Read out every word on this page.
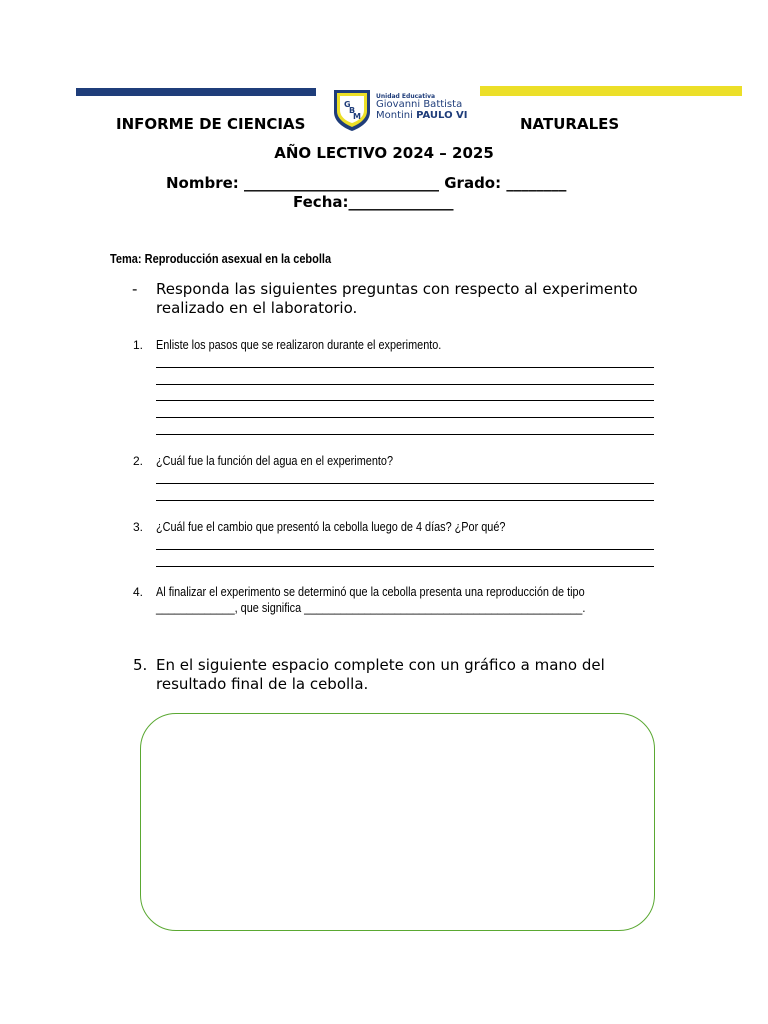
G
B
M
Unidad Educativa
Giovanni Battista
Montini PAULO VI
INFORME DE CIENCIAS	NATURALES
AÑO LECTIVO 2024 – 2025
Nombre: __________________________ Grado: ________
Fecha:______________
Tema: Reproducción asexual en la cebolla
- Responda las siguientes preguntas con respecto al experimento realizado en el laboratorio.
1. Enliste los pasos que se realizaron durante el experimento.
2. ¿Cuál fue la función del agua en el experimento?
3. ¿Cuál fue el cambio que presentó la cebolla luego de 4 días? ¿Por qué?
4. Al finalizar el experimento se determinó que la cebolla presenta una reproducción de tipo
_____________, que significa ______________________________________________.
5. En el siguiente espacio complete con un gráfico a mano del resultado final de la cebolla.
